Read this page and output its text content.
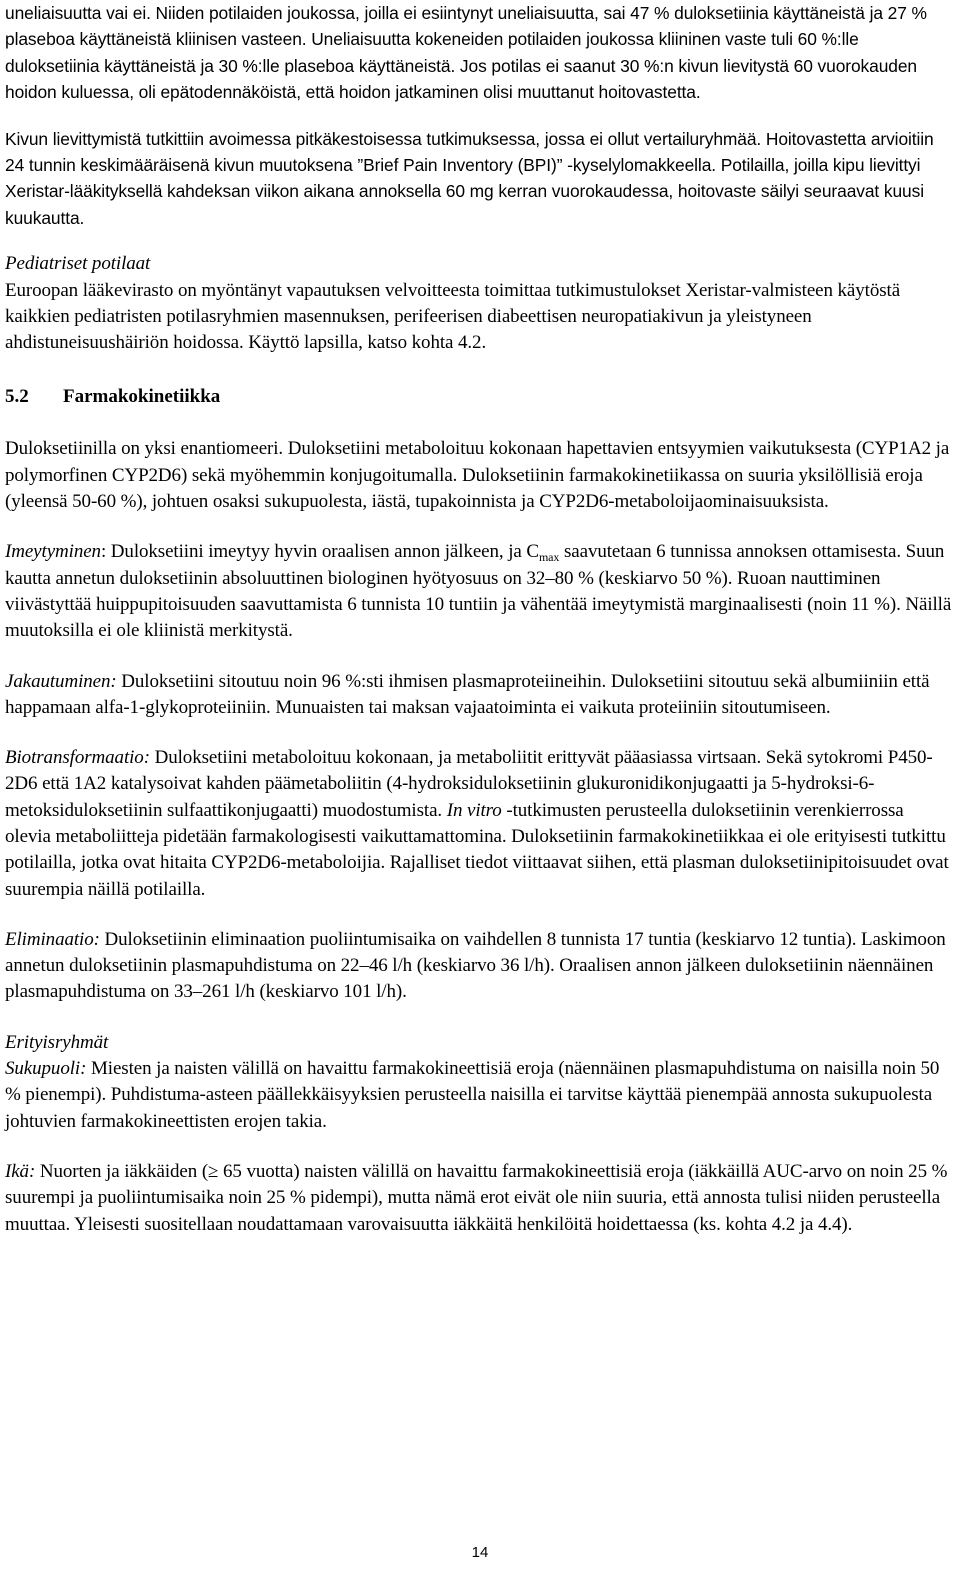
uneliaisuutta vai ei. Niiden potilaiden joukossa, joilla ei esiintynyt uneliaisuutta, sai 47 % duloksetiinia käyttäneistä ja 27 % plaseboa käyttäneistä kliinisen vasteen. Uneliaisuutta kokeneiden potilaiden joukossa kliininen vaste tuli 60 %:lle duloksetiinia käyttäneistä ja 30 %:lle plaseboa käyttäneistä. Jos potilas ei saanut 30 %:n kivun lievitystä 60 vuorokauden hoidon kuluessa, oli epätodennäköistä, että hoidon jatkaminen olisi muuttanut hoitovastetta.

Kivun lievittymistä tutkittiin avoimessa pitkäkestoisessa tutkimuksessa, jossa ei ollut vertailuryhmää. Hoitovastetta arvioitiin 24 tunnin keskimääräisenä kivun muutoksena ”Brief Pain Inventory (BPI)” -kyselylomakkeella. Potilailla, joilla kipu lievittyi Xeristar-lääkityksellä kahdeksan viikon aikana annoksella 60 mg kerran vuorokaudessa, hoitovaste säilyi seuraavat kuusi kuukautta.

Pediatriset potilaat

Euroopan lääkevirasto on myöntänyt vapautuksen velvoitteesta toimittaa tutkimustulokset Xeristar-valmisteen käytöstä kaikkien pediatristen potilasryhmien masennuksen, perifeerisen diabeettisen neuropatiakivun ja yleistyneen ahdistuneisuushäiriön hoidossa. Käyttö lapsilla, katso kohta 4.2.

5.2 Farmakokinetiikka

Duloksetiinilla on yksi enantiomeeri. Duloksetiini metaboloituu kokonaan hapettavien entsyymien vaikutuksesta (CYP1A2 ja polymorfinen CYP2D6) sekä myöhemmin konjugoitumalla. Duloksetiinin farmakokinetiikassa on suuria yksilöllisiä eroja (yleensä 50-60 %), johtuen osaksi sukupuolesta, iästä, tupakoinnista ja CYP2D6-metaboloijaominaisuuksista.

Imeytyminen: Duloksetiini imeytyy hyvin oraalisen annon jälkeen, ja $C_{max}$ saavutetaan 6 tunnissa annoksen ottamisesta. Suun kautta annetun duloksetiinin absoluuttinen biologinen hyötyosuus on 32–80 % (keskiarvo 50 %). Ruoan nauttiminen viivästyttää huippupitoisuuden saavuttamista 6 tunnista 10 tuntiin ja vähentää imeytymistä marginaalisesti (noin 11 %). Näillä muutoksilla ei ole kliinistä merkitystä.

Jakautuminen: Duloksetiini sitoutuu noin 96 %:sti ihmisen plasmaproteiineihin. Duloksetiini sitoutuu sekä albumiiniin että happamaan alfa-1-glykoproteiiniin. Munuaisten tai maksan vajaatoiminta ei vaikuta proteiiniin sitoutumiseen.

Biotransformaatio: Duloksetiini metaboloituu kokonaan, ja metaboliitit erittyvät pääasiassa virtsaan. Sekä sytokromi P450-2D6 että 1A2 katalysoivat kahden päämetaboliitin (4-hydroksiduloksetiinin glukuronidikonjugaatti ja 5-hydroksi-6-metoksiduloksetiinin sulfaattikonjugaatti) muodostumista. In vitro -tutkimusten perusteella duloksetiinin verenkierrossa olevia metaboliitteja pidetään farmakologisesti vaikuttamattomina. Duloksetiinin farmakokinetiikkaa ei ole erityisesti tutkittu potilailla, jotka ovat hitaita CYP2D6-metaboloijia. Rajalliset tiedot viittaavat siihen, että plasman duloksetiinipitoisuudet ovat suurempia näillä potilailla.

Eliminaatio: Duloksetiinin eliminaation puoliintumisaika on vaihdellen 8 tunnista 17 tuntia (keskiarvo 12 tuntia). Laskimoon annetun duloksetiinin plasmapuhdistuma on 22–46 l/h (keskiarvo 36 l/h). Oraalisen annon jälkeen duloksetiinin näennäinen plasmapuhdistuma on 33–261 l/h (keskiarvo 101 l/h).

Erityisryhmät

Sukupuoli: Miesten ja naisten välillä on havaittu farmakokineettisiä eroja (näennäinen plasmapuhdistuma on naisilla noin 50 % pienempi). Puhdistuma-asteen päällekkäisyyksien perusteella naisilla ei tarvitse käyttää pienempää annosta sukupuolesta johtuvien farmakokineettisten erojen takia.

Ikä: Nuorten ja iäkkäiden (≥ 65 vuotta) naisten välillä on havaittu farmakokineettisiä eroja (iäkkäillä AUC-arvo on noin 25 % suurempi ja puoliintumisaika noin 25 % pidempi), mutta nämä erot eivät ole niin suuria, että annosta tulisi niiden perusteella muuttaa. Yleisesti suositellaan noudattamaan varovaisuutta iäkkäitä henkilöitä hoidettaessa (ks. kohta 4.2 ja 4.4).

14
